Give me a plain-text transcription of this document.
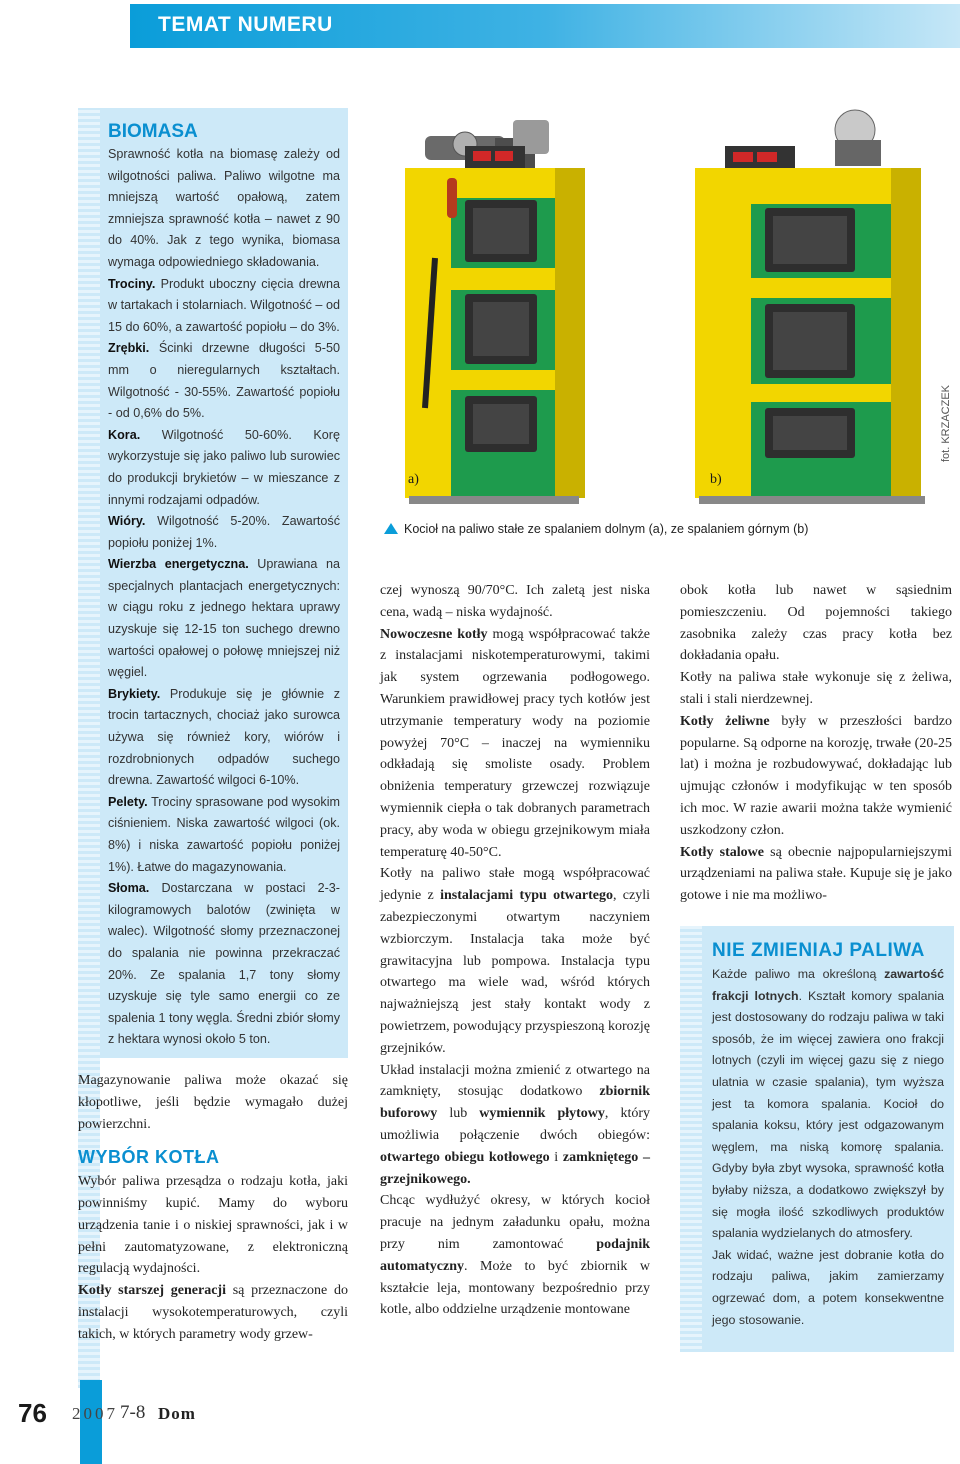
TEMAT NUMERU
BIOMASA
Sprawność kotła na biomasę zależy od wilgotności paliwa. Paliwo wilgotne ma mniejszą wartość opałową, zatem zmniejsza sprawność kotła – nawet z 90 do 40%. Jak z tego wynika, biomasa wymaga odpowiedniego składowania.
Trociny. Produkt uboczny cięcia drewna w tartakach i stolarniach. Wilgotność – od 15 do 60%, a zawartość popiołu – do 3%.
Zrębki. Ścinki drzewne długości 5-50 mm o nieregularnych kształtach. Wilgotność - 30-55%. Zawartość popiołu - od 0,6% do 5%.
Kora. Wilgotność 50-60%. Korę wykorzystuje się jako paliwo lub surowiec do produkcji brykietów – w mieszance z innymi rodzajami odpadów.
Wióry. Wilgotność 5-20%. Zawartość popiołu poniżej 1%.
Wierzba energetyczna. Uprawiana na specjalnych plantacjach energetycznych: w ciągu roku z jednego hektara uprawy uzyskuje się 12-15 ton suchego drewno wartości opałowej o połowę mniejszej niż węgiel.
Brykiety. Produkuje się je głównie z trocin tartacznych, chociaż jako surowca używa się również kory, wiórów i rozdrobnionych odpadów suchego drewna. Zawartość wilgoci 6-10%.
Pelety. Trociny sprasowane pod wysokim ciśnieniem. Niska zawartość wilgoci (ok. 8%) i niska zawartość popiołu poniżej 1%). Łatwe do magazynowania.
Słoma. Dostarczana w postaci 2-3-kilogramowych balotów (zwinięta w walec). Wilgotność słomy przeznaczonej do spalania nie powinna przekraczać 20%. Ze spalania 1,7 tony słomy uzyskuje się tyle samo energii co ze spalenia 1 tony węgla. Średni zbiór słomy z hektara wynosi około 5 ton.

Magazynowanie paliwa może okazać się kłopotliwe, jeśli będzie wymagało dużej powierzchni.

WYBÓR KOTŁA

Wybór paliwa przesądza o rodzaju kotła, jaki powinniśmy kupić. Mamy do wyboru urządzenia tanie i o niskiej sprawności, jak i w pełni zautomatyzowane, z elektroniczną regulacją wydajności.

Kotły starszej generacji są przeznaczone do instalacji wysokotemperaturowych, czyli takich, w których parametry wody grzew-

a)	b)
fot. KRZACZEK
Kocioł na paliwo stałe ze spalaniem dolnym (a), ze spalaniem górnym (b)

czej wynoszą 90/70°C. Ich zaletą jest niska cena, wadą – niska wydajność.

Nowoczesne kotły mogą współpracować także z instalacjami niskotemperaturowymi, takimi jak system ogrzewania podłogowego. Warunkiem prawidłowej pracy tych kotłów jest utrzymanie temperatury wody na poziomie powyżej 70°C – inaczej na wymienniku odkładają się smoliste osady. Problem obniżenia temperatury grzewczej rozwiązuje wymiennik ciepła o tak dobranych parametrach pracy, aby woda w obiegu grzejnikowym miała temperaturę 40-50°C.

Kotły na paliwo stałe mogą współpracować jedynie z instalacjami typu otwartego, czyli zabezpieczonymi otwartym naczyniem wzbiorczym. Instalacja taka może być grawitacyjna lub pompowa. Instalacja typu otwartego ma wiele wad, wśród których najważniejszą jest stały kontakt wody z powietrzem, powodujący przyspieszoną korozję grzejników.

Układ instalacji można zmienić z otwartego na zamknięty, stosując dodatkowo zbiornik buforowy lub wymiennik płytowy, który umożliwia połączenie dwóch obiegów: otwartego obiegu kotłowego i zamkniętego – grzejnikowego.

Chcąc wydłużyć okresy, w których kocioł pracuje na jednym załadunku opału, można przy nim zamontować podajnik automatyczny. Może to być zbiornik w kształcie leja, montowany bezpośrednio przy kotle, albo oddzielne urządzenie montowane

obok kotła lub nawet w sąsiednim pomieszczeniu. Od pojemności takiego zasobnika zależy czas pracy kotła bez dokładania opału.

Kotły na paliwa stałe wykonuje się z żeliwa, stali i stali nierdzewnej.

Kotły żeliwne były w przeszłości bardzo popularne. Są odporne na korozję, trwałe (20-25 lat) i można je rozbudowywać, dokładając lub ujmując członów i modyfikując w ten sposób ich moc. W razie awarii można także wymienić uszkodzony człon.

Kotły stalowe są obecnie najpopularniejszymi urządzeniami na paliwa stałe. Kupuje się je jako gotowe i nie ma możliwo-

NIE ZMIENIAJ PALIWA
Każde paliwo ma określoną zawartość frakcji lotnych. Kształt komory spalania jest dostosowany do rodzaju paliwa w taki sposób, że im więcej zawiera ono frakcji lotnych (czyli im więcej gazu się z niego ulatnia w czasie spalania), tym wyższa jest ta komora spalania. Kocioł do spalania koksu, który jest odgazowanym węglem, ma niską komorę spalania. Gdyby była zbyt wysoka, sprawność kotła byłaby niższa, a dodatkowo zwiększył by się mogła ilość szkodliwych produktów spalania wydzielanych do atmosfery.
Jak widać, ważne jest dobranie kotła do rodzaju paliwa, jakim zamierzamy ogrzewać dom, a potem konsekwentne jego stosowanie.
76 2007 7-8 Dom
